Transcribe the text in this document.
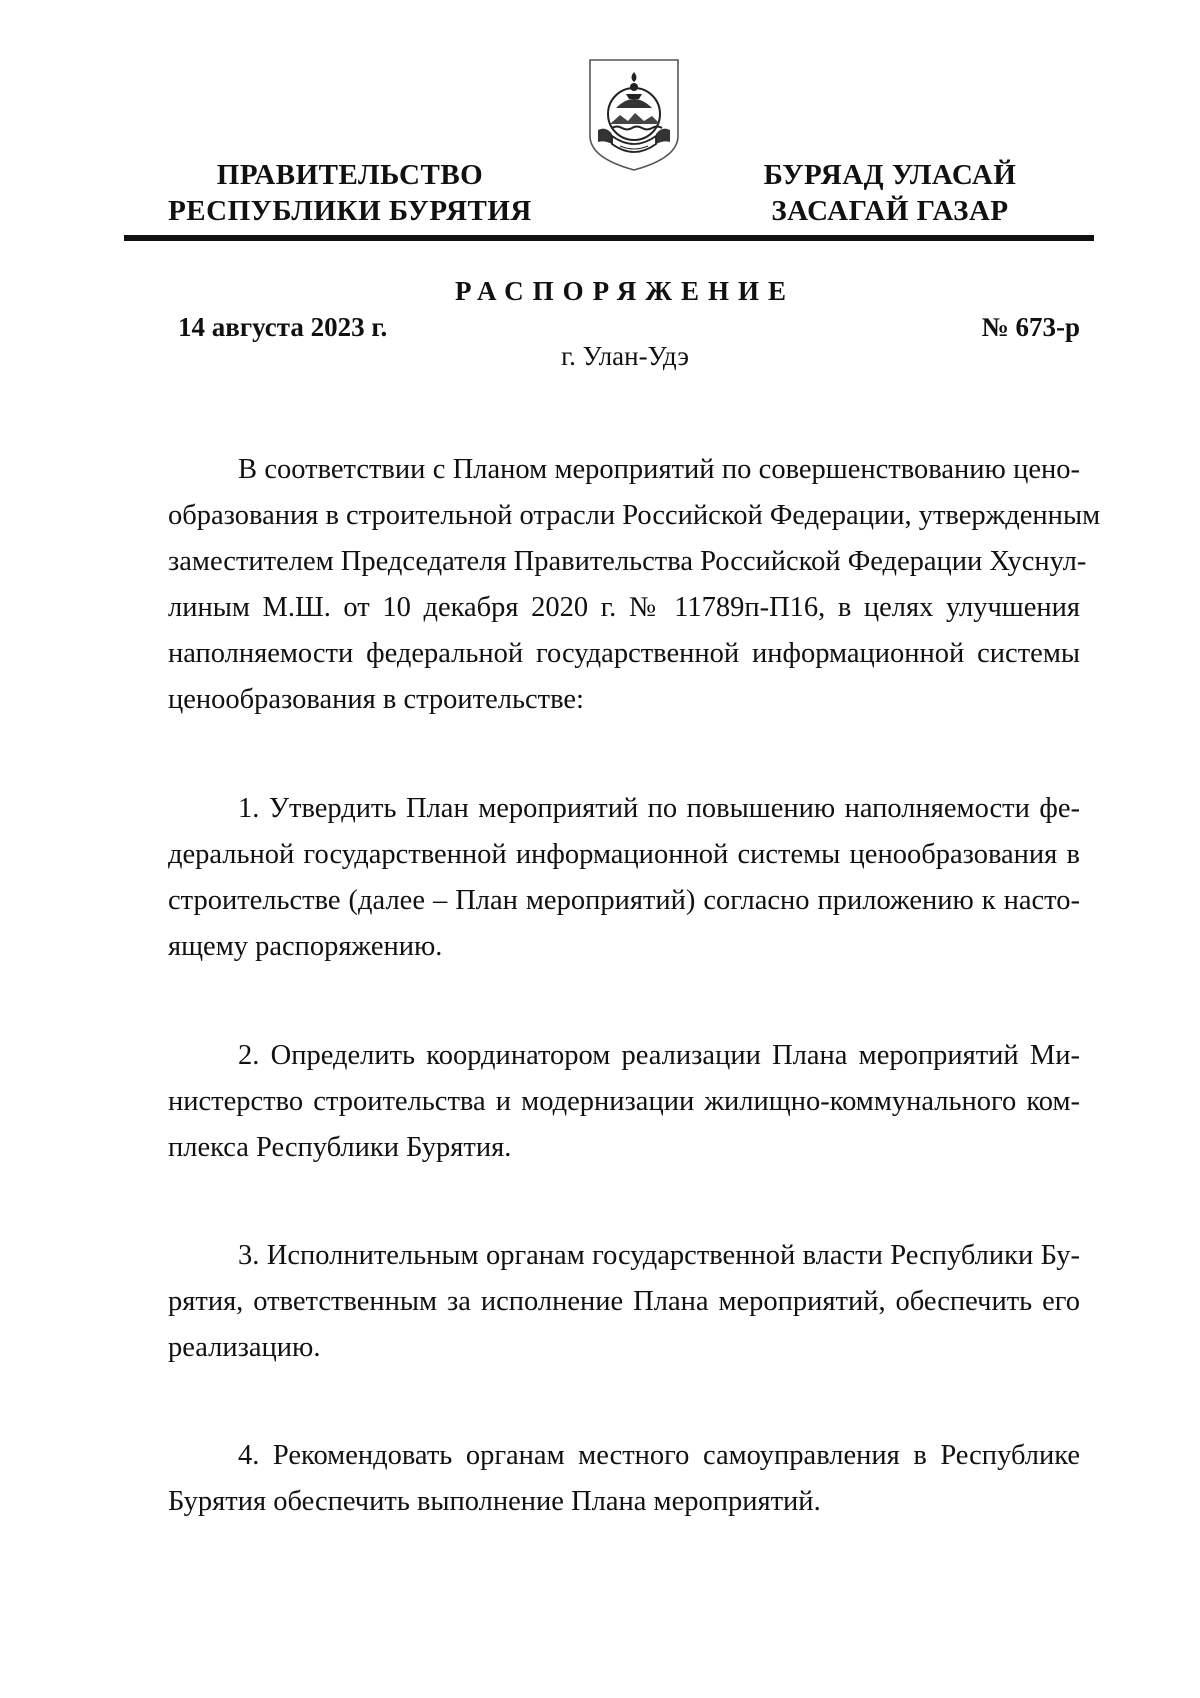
ПРАВИТЕЛЬСТВО
РЕСПУБЛИКИ БУРЯТИЯ
БУРЯАД УЛАСАЙ
ЗАСАГАЙ ГАЗАР
РАСПОРЯЖЕНИЕ
14 августа 2023 г.	№ 673-р
г. Улан-Удэ
В соответствии с Планом мероприятий по совершенствованию цено-
образования в строительной отрасли Российской Федерации, утвержденным
заместителем Председателя Правительства Российской Федерации Хуснул-
линым М.Ш. от 10 декабря 2020 г. № 11789п-П16, в целях улучшения
наполняемости федеральной государственной информационной системы
ценообразования в строительстве:
1. Утвердить План мероприятий по повышению наполняемости фе-
деральной государственной информационной системы ценообразования в
строительстве (далее – План мероприятий) согласно приложению к насто-
ящему распоряжению.
2. Определить координатором реализации Плана мероприятий Ми-
нистерство строительства и модернизации жилищно-коммунального ком-
плекса Республики Бурятия.
3. Исполнительным органам государственной власти Республики Бу-
рятия, ответственным за исполнение Плана мероприятий, обеспечить его
реализацию.
4. Рекомендовать органам местного самоуправления в Республике
Бурятия обеспечить выполнение Плана мероприятий.
